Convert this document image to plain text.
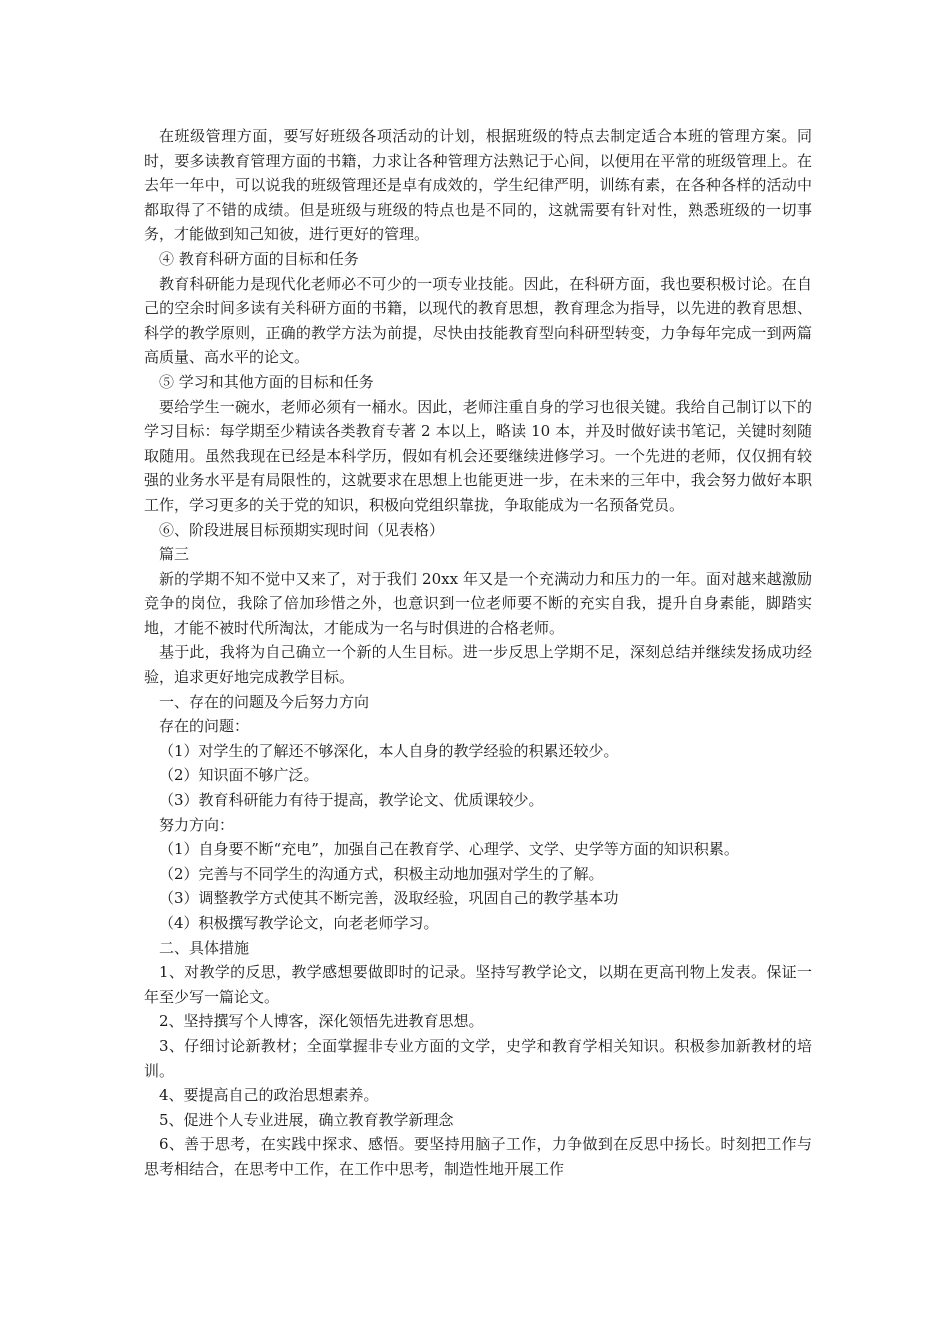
在班级管理方面，要写好班级各项活动的计划，根据班级的特点去制定适合本班的管理方案。同时，要多读教育管理方面的书籍，力求让各种管理方法熟记于心间，以便用在平常的班级管理上。在去年一年中，可以说我的班级管理还是卓有成效的，学生纪律严明，训练有素，在各种各样的活动中都取得了不错的成绩。但是班级与班级的特点也是不同的，这就需要有针对性，熟悉班级的一切事务，才能做到知己知彼，进行更好的管理。

④ 教育科研方面的目标和任务

教育科研能力是现代化老师必不可少的一项专业技能。因此，在科研方面，我也要积极讨论。在自己的空余时间多读有关科研方面的书籍，以现代的教育思想，教育理念为指导，以先进的教育思想、科学的教学原则，正确的教学方法为前提，尽快由技能教育型向科研型转变，力争每年完成一到两篇高质量、高水平的论文。

⑤ 学习和其他方面的目标和任务

要给学生一碗水，老师必须有一桶水。因此，老师注重自身的学习也很关键。我给自己制订以下的学习目标：每学期至少精读各类教育专著 2 本以上，略读 10 本，并及时做好读书笔记，关键时刻随取随用。虽然我现在已经是本科学历，假如有机会还要继续进修学习。一个先进的老师，仅仅拥有较强的业务水平是有局限性的，这就要求在思想上也能更进一步，在未来的三年中，我会努力做好本职工作，学习更多的关于党的知识，积极向党组织靠拢，争取能成为一名预备党员。

⑥、阶段进展目标预期实现时间（见表格）

篇三

新的学期不知不觉中又来了，对于我们 20xx 年又是一个充满动力和压力的一年。面对越来越激励竞争的岗位，我除了倍加珍惜之外，也意识到一位老师要不断的充实自我，提升自身素能，脚踏实地，才能不被时代所淘汰，才能成为一名与时俱进的合格老师。

基于此，我将为自己确立一个新的人生目标。进一步反思上学期不足，深刻总结并继续发扬成功经验，追求更好地完成教学目标。

一、存在的问题及今后努力方向

存在的问题：

（1）对学生的了解还不够深化，本人自身的教学经验的积累还较少。

（2）知识面不够广泛。

（3）教育科研能力有待于提高，教学论文、优质课较少。

努力方向：

（1）自身要不断“充电”，加强自己在教育学、心理学、文学、史学等方面的知识积累。

（2）完善与不同学生的沟通方式，积极主动地加强对学生的了解。

（3）调整教学方式使其不断完善，汲取经验，巩固自己的教学基本功

（4）积极撰写教学论文，向老老师学习。

二、具体措施

1、对教学的反思，教学感想要做即时的记录。坚持写教学论文，以期在更高刊物上发表。保证一年至少写一篇论文。

2、坚持撰写个人博客，深化领悟先进教育思想。

3、仔细讨论新教材；全面掌握非专业方面的文学，史学和教育学相关知识。积极参加新教材的培训。

4、要提高自己的政治思想素养。

5、促进个人专业进展，确立教育教学新理念

6、善于思考，在实践中探求、感悟。要坚持用脑子工作，力争做到在反思中扬长。时刻把工作与思考相结合，在思考中工作，在工作中思考，制造性地开展工作
